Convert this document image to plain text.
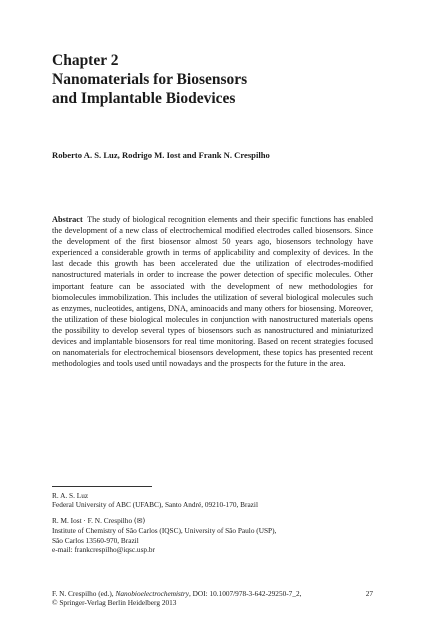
Chapter 2
Nanomaterials for Biosensors
and Implantable Biodevices

Roberto A. S. Luz, Rodrigo M. Iost and Frank N. Crespilho

Abstract The study of biological recognition elements and their specific functions has enabled the development of a new class of electrochemical modified electrodes called biosensors. Since the development of the first biosensor almost 50 years ago, biosensors technology have experienced a considerable growth in terms of applicability and complexity of devices. In the last decade this growth has been accelerated due the utilization of electrodes-modified nanostructured materials in order to increase the power detection of specific molecules. Other important feature can be associated with the development of new methodologies for biomolecules immobilization. This includes the utilization of several biological molecules such as enzymes, nucleotides, antigens, DNA, aminoacids and many others for biosensing. Moreover, the utilization of these biological molecules in conjunction with nanostructured materials opens the possibility to develop several types of biosensors such as nanostructured and miniaturized devices and implantable biosensors for real time monitoring. Based on recent strategies focused on nanomaterials for electrochemical biosensors development, these topics has presented recent methodologies and tools used until nowadays and the prospects for the future in the area.

R. A. S. Luz
Federal University of ABC (UFABC), Santo André, 09210-170, Brazil
R. M. Iost · F. N. Crespilho (✉)
Institute of Chemistry of São Carlos (IQSC), University of São Paulo (USP),
São Carlos 13560-970, Brazil
e-mail: frankcrespilho@iqsc.usp.br
F. N. Crespilho (ed.), Nanobioelectrochemistry, DOI: 10.1007/978-3-642-29250-7_2,
© Springer-Verlag Berlin Heidelberg 2013
27
